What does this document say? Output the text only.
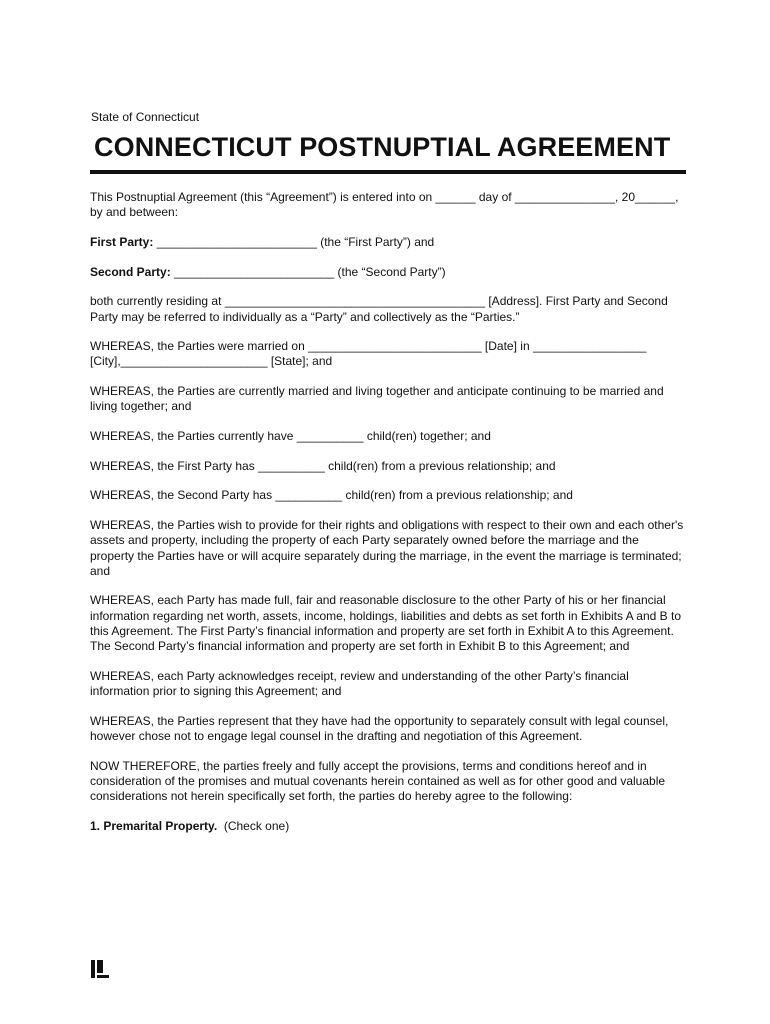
State of Connecticut
CONNECTICUT POSTNUPTIAL AGREEMENT

This Postnuptial Agreement (this “Agreement”) is entered into on ______ day of _______________, 20______, by and between:

First Party: ________________________ (the “First Party”) and

Second Party: ________________________ (the “Second Party”)

both currently residing at _______________________________________ [Address]. First Party and Second Party may be referred to individually as a “Party” and collectively as the “Parties.”

WHEREAS, the Parties were married on __________________________ [Date] in _________________ [City],______________________ [State]; and

WHEREAS, the Parties are currently married and living together and anticipate continuing to be married and living together; and

WHEREAS, the Parties currently have __________ child(ren) together; and

WHEREAS, the First Party has __________ child(ren) from a previous relationship; and

WHEREAS, the Second Party has __________ child(ren) from a previous relationship; and

WHEREAS, the Parties wish to provide for their rights and obligations with respect to their own and each other's assets and property, including the property of each Party separately owned before the marriage and the property the Parties have or will acquire separately during the marriage, in the event the marriage is terminated; and

WHEREAS, each Party has made full, fair and reasonable disclosure to the other Party of his or her financial information regarding net worth, assets, income, holdings, liabilities and debts as set forth in Exhibits A and B to this Agreement. The First Party’s financial information and property are set forth in Exhibit A to this Agreement. The Second Party’s financial information and property are set forth in Exhibit B to this Agreement; and

WHEREAS, each Party acknowledges receipt, review and understanding of the other Party’s financial information prior to signing this Agreement; and

WHEREAS, the Parties represent that they have had the opportunity to separately consult with legal counsel, however chose not to engage legal counsel in the drafting and negotiation of this Agreement.

NOW THEREFORE, the parties freely and fully accept the provisions, terms and conditions hereof and in consideration of the promises and mutual covenants herein contained as well as for other good and valuable considerations not herein specifically set forth, the parties do hereby agree to the following:

1. Premarital Property.  (Check one)
